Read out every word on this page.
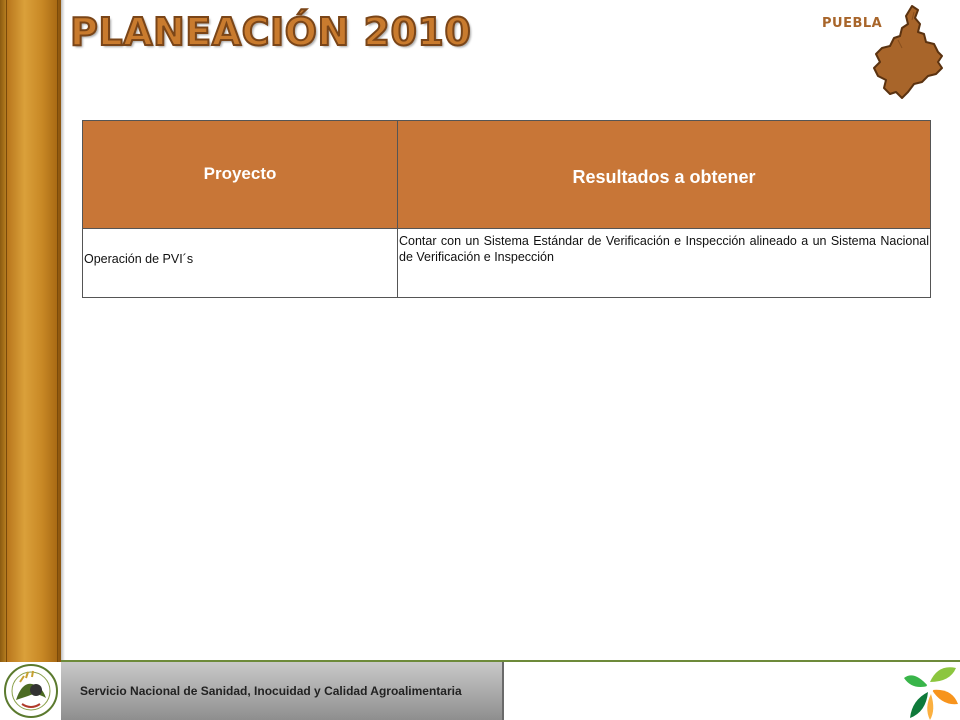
PLANEACIÓN 2010	PUEBLA
Proyecto	Resultados a obtener
Operación de PVI´s	Contar con un Sistema Estándar de Verificación e Inspección alineado a un Sistema Nacional de Verificación e Inspección
Servicio Nacional de Sanidad, Inocuidad y Calidad Agroalimentaria
